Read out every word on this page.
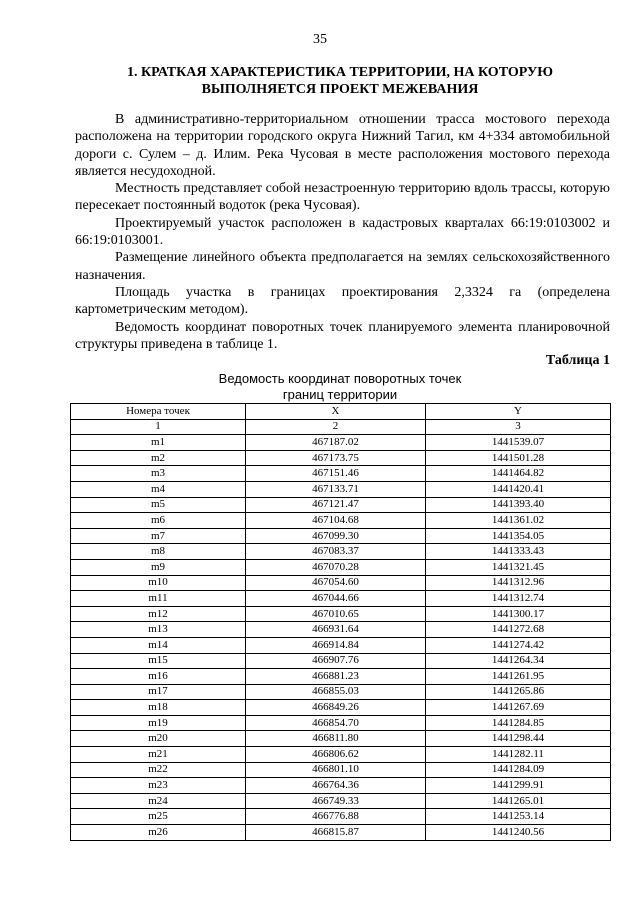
35
1. КРАТКАЯ ХАРАКТЕРИСТИКА ТЕРРИТОРИИ, НА КОТОРУЮ
ВЫПОЛНЯЕТСЯ ПРОЕКТ МЕЖЕВАНИЯ

В административно-территориальном отношении трасса мостового перехода расположена на территории городского округа Нижний Тагил, км 4+334 автомобильной дороги с. Сулем – д. Илим. Река Чусовая в месте расположения мостового перехода является несудоходной.

Местность представляет собой незастроенную территорию вдоль трассы, которую пересекает постоянный водоток (река Чусовая).

Проектируемый участок расположен в кадастровых кварталах 66:19:0103002 и 66:19:0103001.

Размещение линейного объекта предполагается на землях сельскохозяйственного назначения.

Площадь участка в границах проектирования 2,3324 га (определена картометрическим методом).

Ведомость координат поворотных точек планируемого элемента планировочной структуры приведена в таблице 1.

Таблица 1
Ведомость координат поворотных точек
границ территории
Номера точек	X	Y
1	2	3
m1	467187.02	1441539.07
m2	467173.75	1441501.28
m3	467151.46	1441464.82
m4	467133.71	1441420.41
m5	467121.47	1441393.40
m6	467104.68	1441361.02
m7	467099.30	1441354.05
m8	467083.37	1441333.43
m9	467070.28	1441321.45
m10	467054.60	1441312.96
m11	467044.66	1441312.74
m12	467010.65	1441300.17
m13	466931.64	1441272.68
m14	466914.84	1441274.42
m15	466907.76	1441264.34
m16	466881.23	1441261.95
m17	466855.03	1441265.86
m18	466849.26	1441267.69
m19	466854.70	1441284.85
m20	466811.80	1441298.44
m21	466806.62	1441282.11
m22	466801.10	1441284.09
m23	466764.36	1441299.91
m24	466749.33	1441265.01
m25	466776.88	1441253.14
m26	466815.87	1441240.56
